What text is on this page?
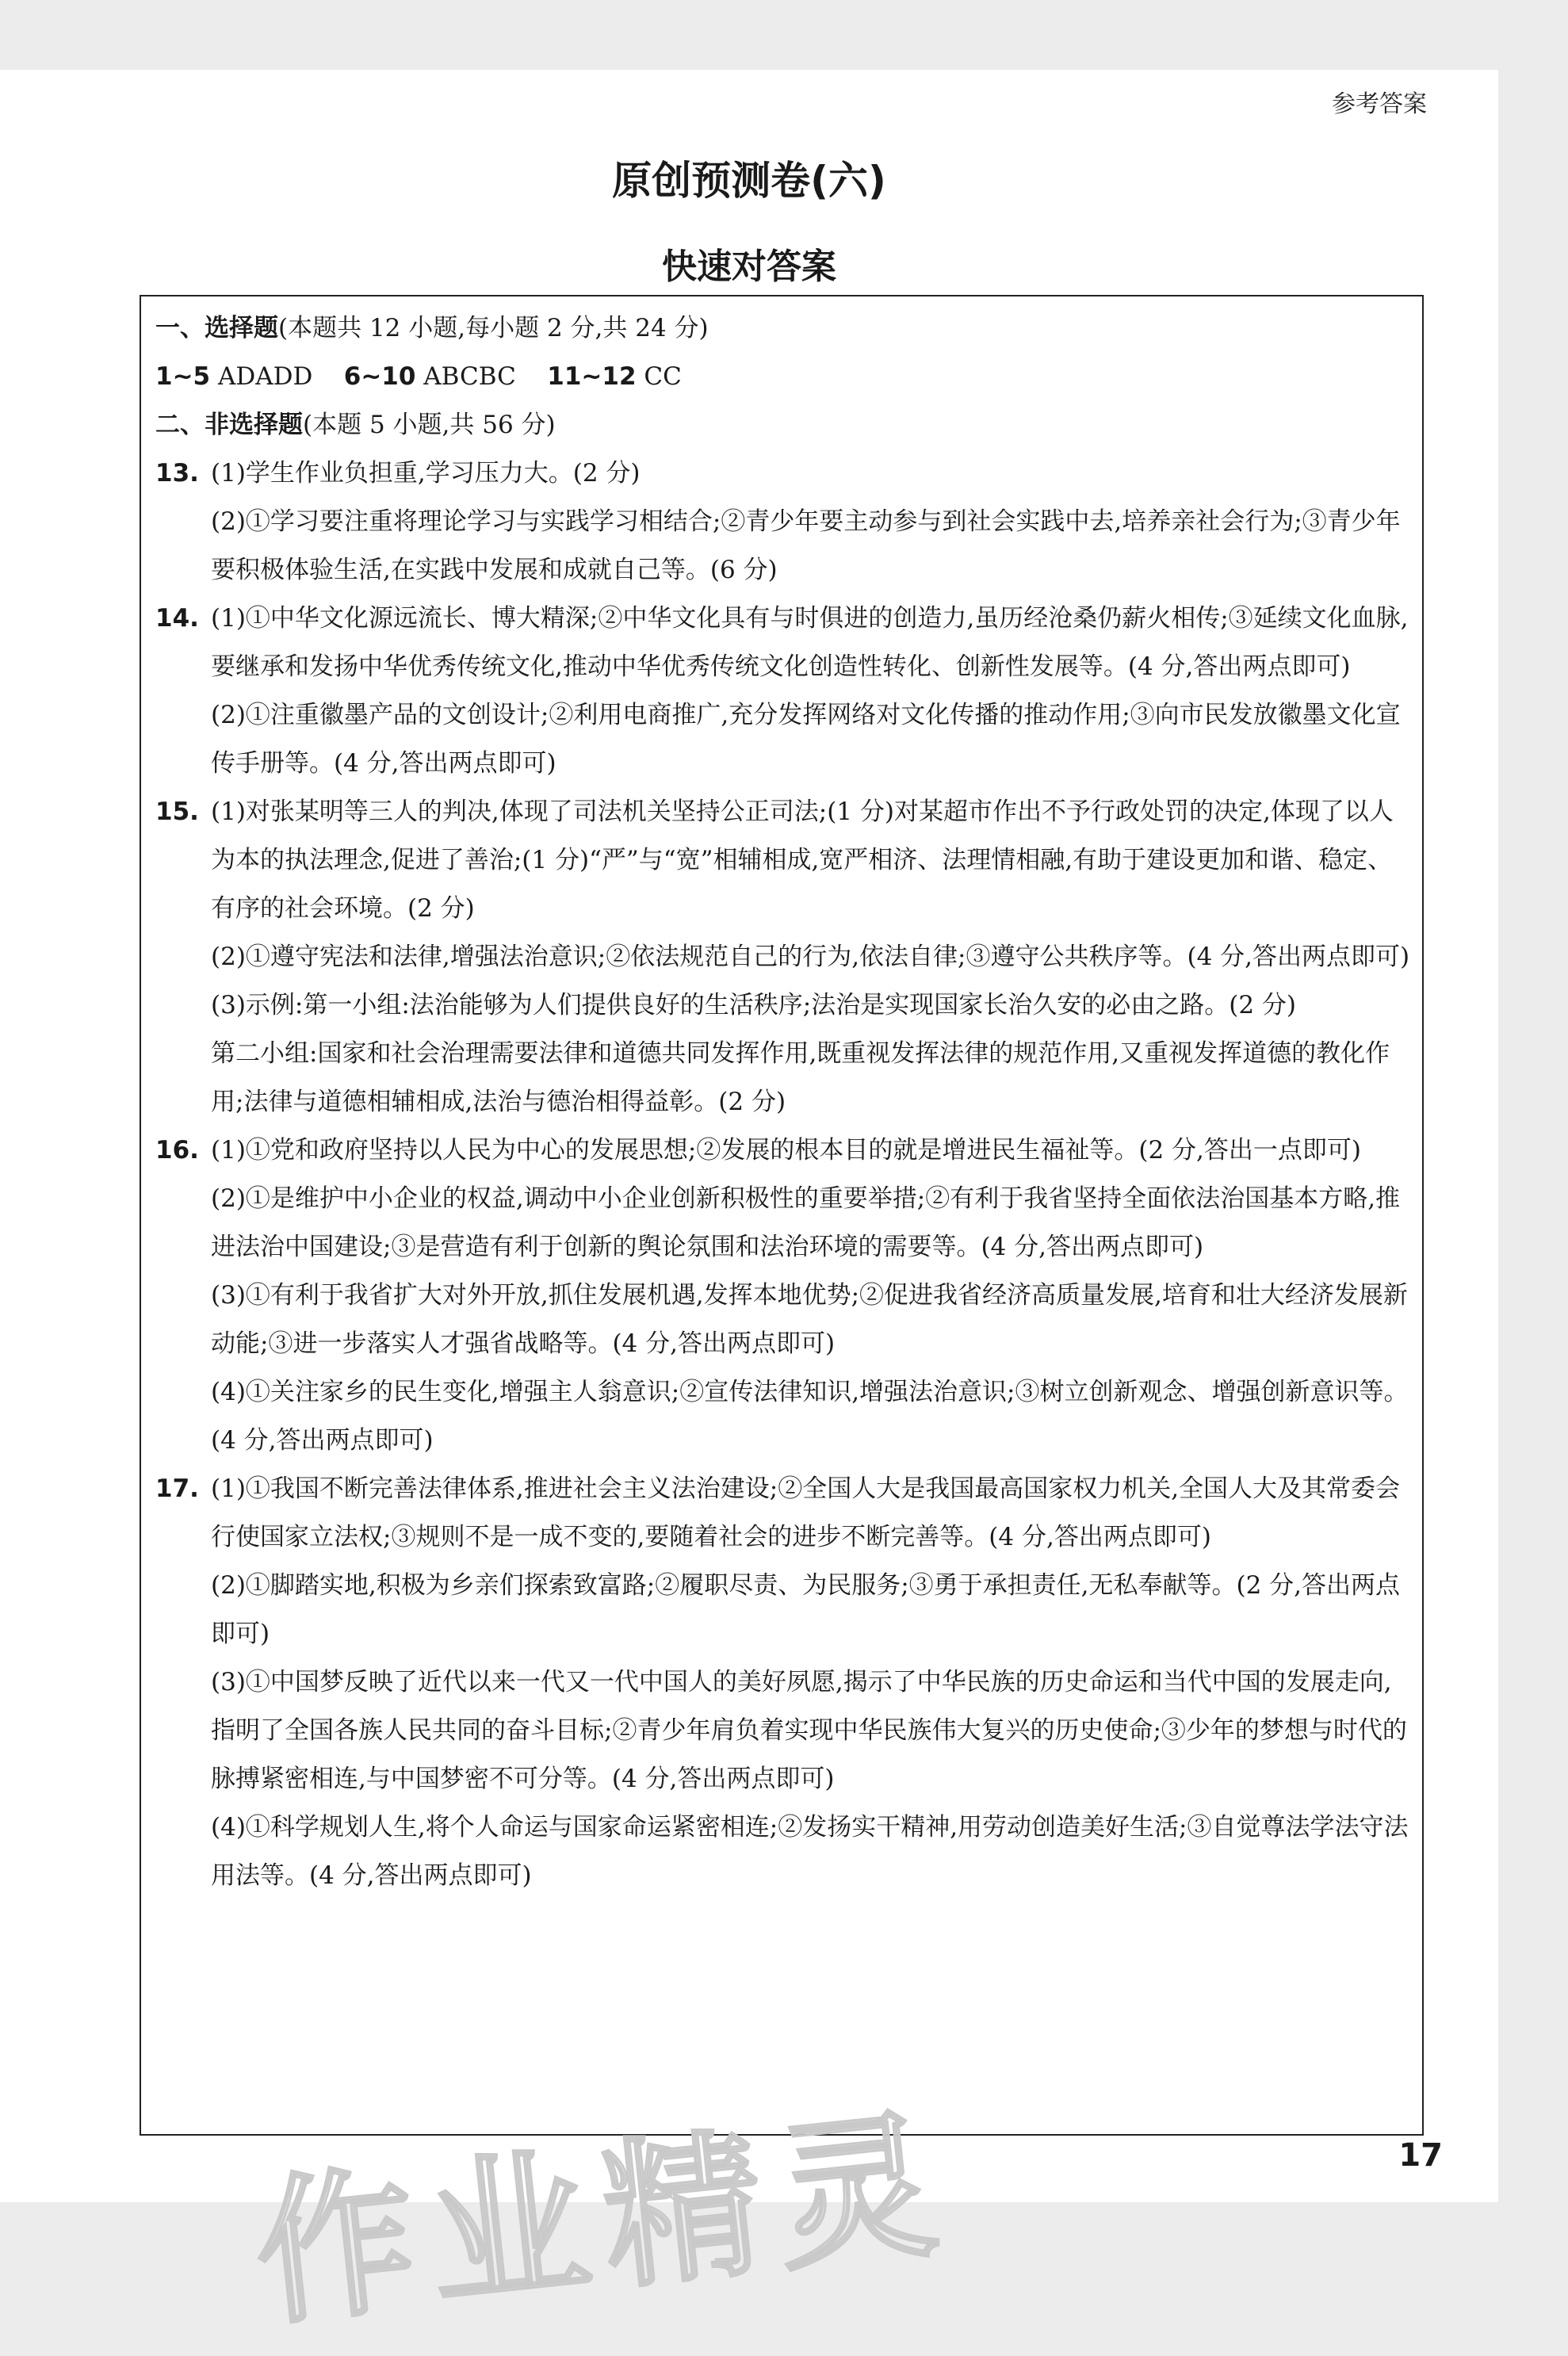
参考答案
原创预测卷(六)
快速对答案
一、选择题(本题共 12 小题,每小题 2 分,共 24 分)
1~5 ADADD 6~10 ABCBC 11~12 CC
二、非选择题(本题 5 小题,共 56 分)
13. (1)学生作业负担重,学习压力大。(2 分)
(2)①学习要注重将理论学习与实践学习相结合;②青少年要主动参与到社会实践中去,培养亲社会行为;③青少年要积极体验生活,在实践中发展和成就自己等。(6 分)
14. (1)①中华文化源远流长、博大精深;②中华文化具有与时俱进的创造力,虽历经沧桑仍薪火相传;③延续文化血脉,要继承和发扬中华优秀传统文化,推动中华优秀传统文化创造性转化、创新性发展等。(4 分,答出两点即可)
(2)①注重徽墨产品的文创设计;②利用电商推广,充分发挥网络对文化传播的推动作用;③向市民发放徽墨文化宣传手册等。(4 分,答出两点即可)
15. (1)对张某明等三人的判决,体现了司法机关坚持公正司法;(1 分)对某超市作出不予行政处罚的决定,体现了以人为本的执法理念,促进了善治;(1 分)“严”与“宽”相辅相成,宽严相济、法理情相融,有助于建设更加和谐、稳定、有序的社会环境。(2 分)
(2)①遵守宪法和法律,增强法治意识;②依法规范自己的行为,依法自律;③遵守公共秩序等。(4 分,答出两点即可)
(3)示例:第一小组:法治能够为人们提供良好的生活秩序;法治是实现国家长治久安的必由之路。(2 分)
第二小组:国家和社会治理需要法律和道德共同发挥作用,既重视发挥法律的规范作用,又重视发挥道德的教化作用;法律与道德相辅相成,法治与德治相得益彰。(2 分)
16. (1)①党和政府坚持以人民为中心的发展思想;②发展的根本目的就是增进民生福祉等。(2 分,答出一点即可)
(2)①是维护中小企业的权益,调动中小企业创新积极性的重要举措;②有利于我省坚持全面依法治国基本方略,推进法治中国建设;③是营造有利于创新的舆论氛围和法治环境的需要等。(4 分,答出两点即可)
(3)①有利于我省扩大对外开放,抓住发展机遇,发挥本地优势;②促进我省经济高质量发展,培育和壮大经济发展新动能;③进一步落实人才强省战略等。(4 分,答出两点即可)
(4)①关注家乡的民生变化,增强主人翁意识;②宣传法律知识,增强法治意识;③树立创新观念、增强创新意识等。(4 分,答出两点即可)
17. (1)①我国不断完善法律体系,推进社会主义法治建设;②全国人大是我国最高国家权力机关,全国人大及其常委会行使国家立法权;③规则不是一成不变的,要随着社会的进步不断完善等。(4 分,答出两点即可)
(2)①脚踏实地,积极为乡亲们探索致富路;②履职尽责、为民服务;③勇于承担责任,无私奉献等。(2 分,答出两点即可)
(3)①中国梦反映了近代以来一代又一代中国人的美好夙愿,揭示了中华民族的历史命运和当代中国的发展走向,指明了全国各族人民共同的奋斗目标;②青少年肩负着实现中华民族伟大复兴的历史使命;③少年的梦想与时代的脉搏紧密相连,与中国梦密不可分等。(4 分,答出两点即可)
(4)①科学规划人生,将个人命运与国家命运紧密相连;②发扬实干精神,用劳动创造美好生活;③自觉尊法学法守法用法等。(4 分,答出两点即可)
17
作业精灵
